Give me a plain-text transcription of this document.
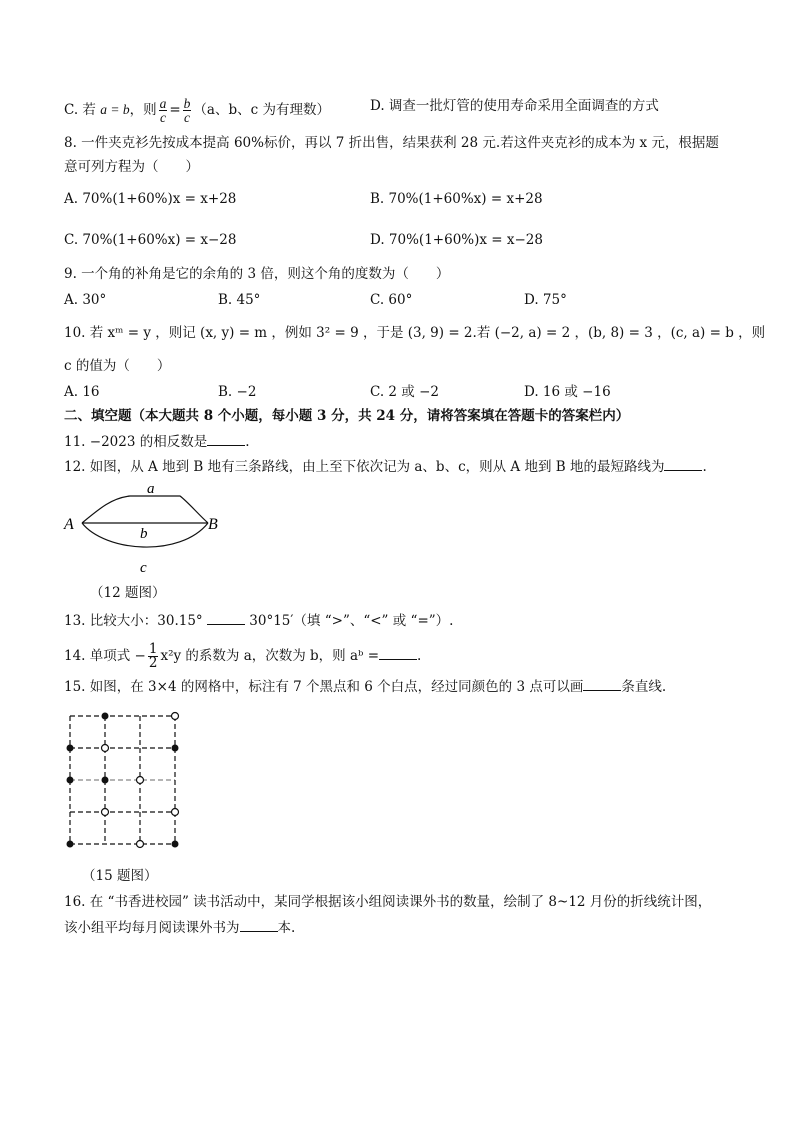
C. 若 a = b，则 $\frac{a}{c} = \frac{b}{c} (a$、b、c 为有理数）	D. 调查一批灯管的使用寿命采用全面调查的方式
8. 一件夹克衫先按成本提高 60%标价，再以 7 折出售，结果获利 28 元.若这件夹克衫的成本为 x 元，根据题
意可列方程为（　　）
A. 70%(1+60%)x = x+28	B. 70%(1+60%x) = x+28
C. 70%(1+60%x) = x−28	D. 70%(1+60%)x = x−28
9. 一个角的补角是它的余角的 3 倍，则这个角的度数为（　　）
A. 30°	B. 45°	C. 60°	D. 75°
10. 若 xᵐ = y ，则记 (x, y) = m ，例如 3² = 9 ，于是 (3, 9) = 2.若 (−2, a) = 2 ，(b, 8) = 3 ，(c, a) = b ，则
c 的值为（　　）
A. 16	B. −2	C. 2 或 −2	D. 16 或 −16
二、填空题（本大题共 8 个小题，每小题 3 分，共 24 分，请将答案填在答题卡的答案栏内）
11. −2023 的相反数是	.
12. 如图，从 A 地到 B 地有三条路线，由上至下依次记为 a、b、c，则从 A 地到 B 地的最短路线为	.
A	B
a
b
c
（12 题图）
13. 比较大小：30.15°	30°15′（填 “>”、“<” 或 “=”）.
14. 单项式 − $\frac{1}{2} x^2y$ 的系数为 a，次数为 b，则 aᵇ =	.
15. 如图，在 3×4 的网格中，标注有 7 个黑点和 6 个白点，经过同颜色的 3 点可以画	条直线.
（15 题图）
16. 在 “书香进校园” 读书活动中，某同学根据该小组阅读课外书的数量，绘制了 8~12 月份的折线统计图，
该小组平均每月阅读课外书为	本.
